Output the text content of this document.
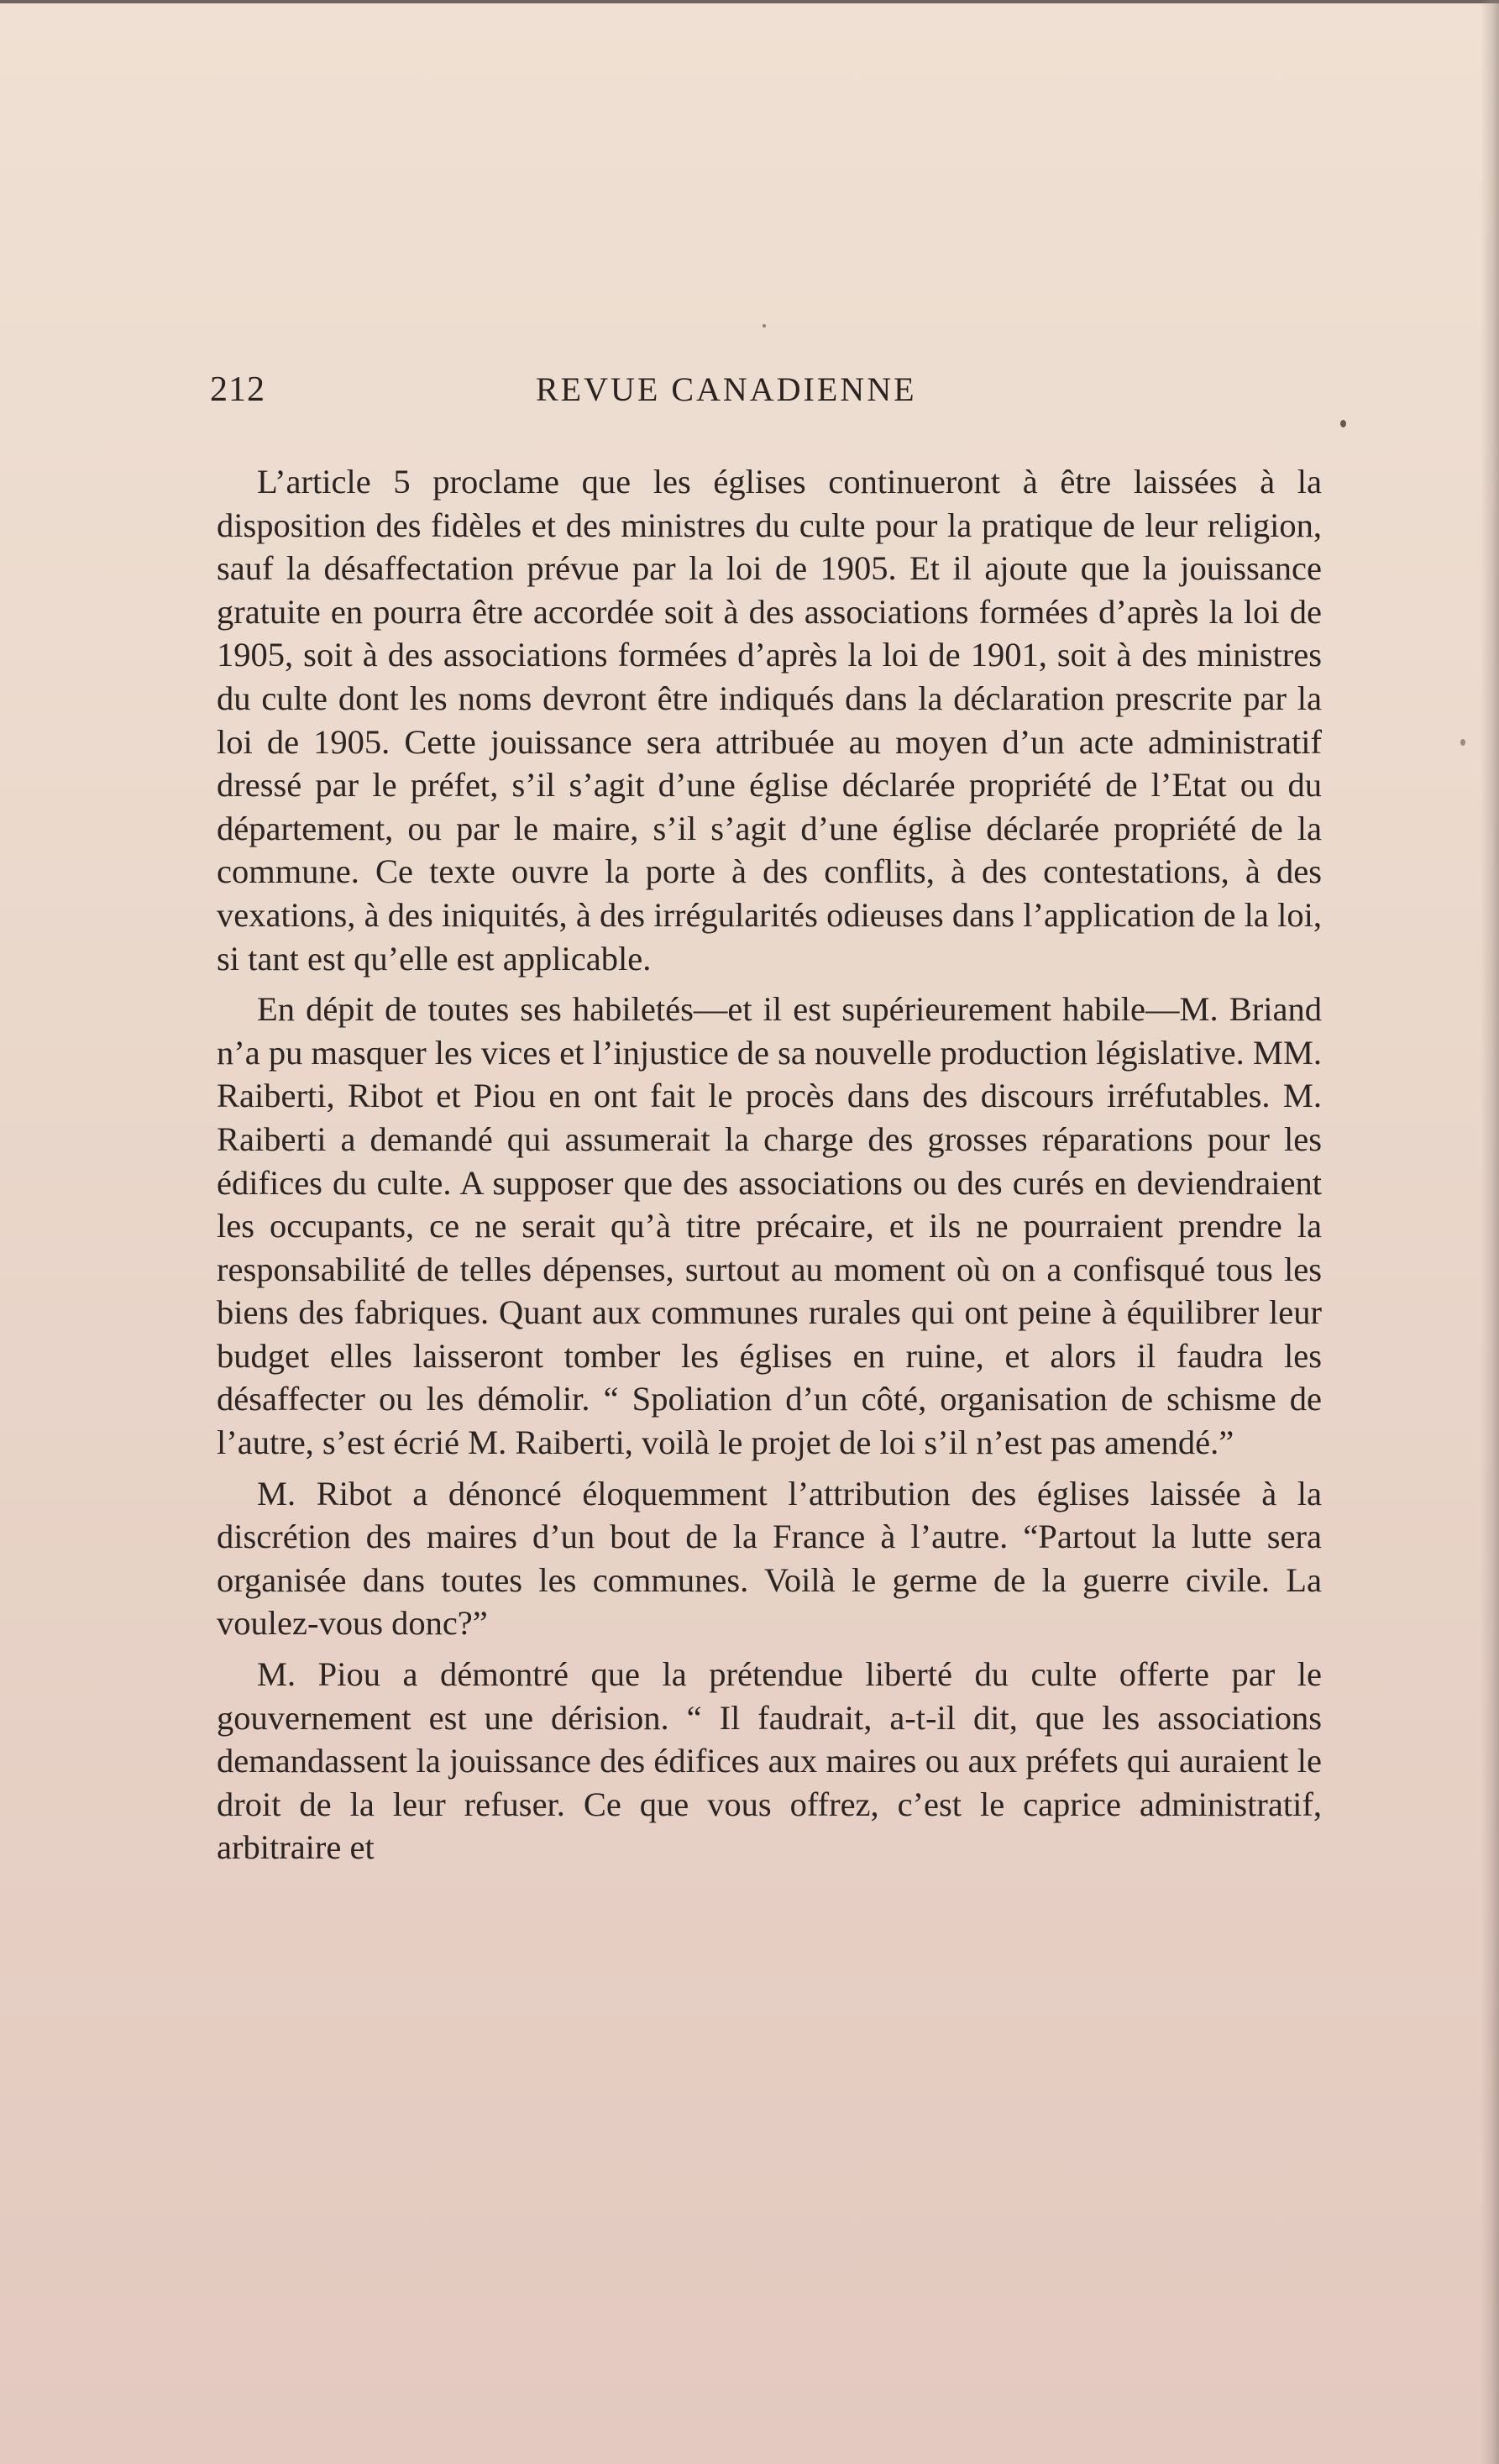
212	REVUE CANADIENNE

L’article 5 proclame que les églises continueront à être laissées à la disposition des fidèles et des ministres du culte pour la pratique de leur religion, sauf la désaffectation prévue par la loi de 1905. Et il ajoute que la jouissance gratuite en pourra être accordée soit à des associations formées d’après la loi de 1905, soit à des associations formées d’après la loi de 1901, soit à des ministres du culte dont les noms devront être indiqués dans la déclaration prescrite par la loi de 1905. Cette jouissance sera attribuée au moyen d’un acte administratif dressé par le préfet, s’il s’agit d’une église déclarée propriété de l’Etat ou du département, ou par le maire, s’il s’agit d’une église déclarée propriété de la commune. Ce texte ouvre la porte à des conflits, à des contestations, à des vexations, à des iniquités, à des irrégularités odieuses dans l’application de la loi, si tant est qu’elle est applicable.

En dépit de toutes ses habiletés—et il est supérieurement habile—M. Briand n’a pu masquer les vices et l’injustice de sa nouvelle production législative. MM. Raiberti, Ribot et Piou en ont fait le procès dans des discours irréfutables. M. Raiberti a demandé qui assumerait la charge des grosses réparations pour les édifices du culte. A supposer que des associations ou des curés en deviendraient les occupants, ce ne serait qu’à titre précaire, et ils ne pourraient prendre la responsabilité de telles dépenses, surtout au moment où on a confisqué tous les biens des fabriques. Quant aux communes rurales qui ont peine à équilibrer leur budget elles laisseront tomber les églises en ruine, et alors il faudra les désaffecter ou les démolir. “ Spoliation d’un côté, organisation de schisme de l’autre, s’est écrié M. Raiberti, voilà le projet de loi s’il n’est pas amendé.”

M. Ribot a dénoncé éloquemment l’attribution des églises laissée à la discrétion des maires d’un bout de la France à l’autre. “Partout la lutte sera organisée dans toutes les communes. Voilà le germe de la guerre civile. La voulez-vous donc?”

M. Piou a démontré que la prétendue liberté du culte offerte par le gouvernement est une dérision. “ Il faudrait, a-t-il dit, que les associations demandassent la jouissance des édifices aux maires ou aux préfets qui auraient le droit de la leur refuser. Ce que vous offrez, c’est le caprice administratif, arbitraire et
